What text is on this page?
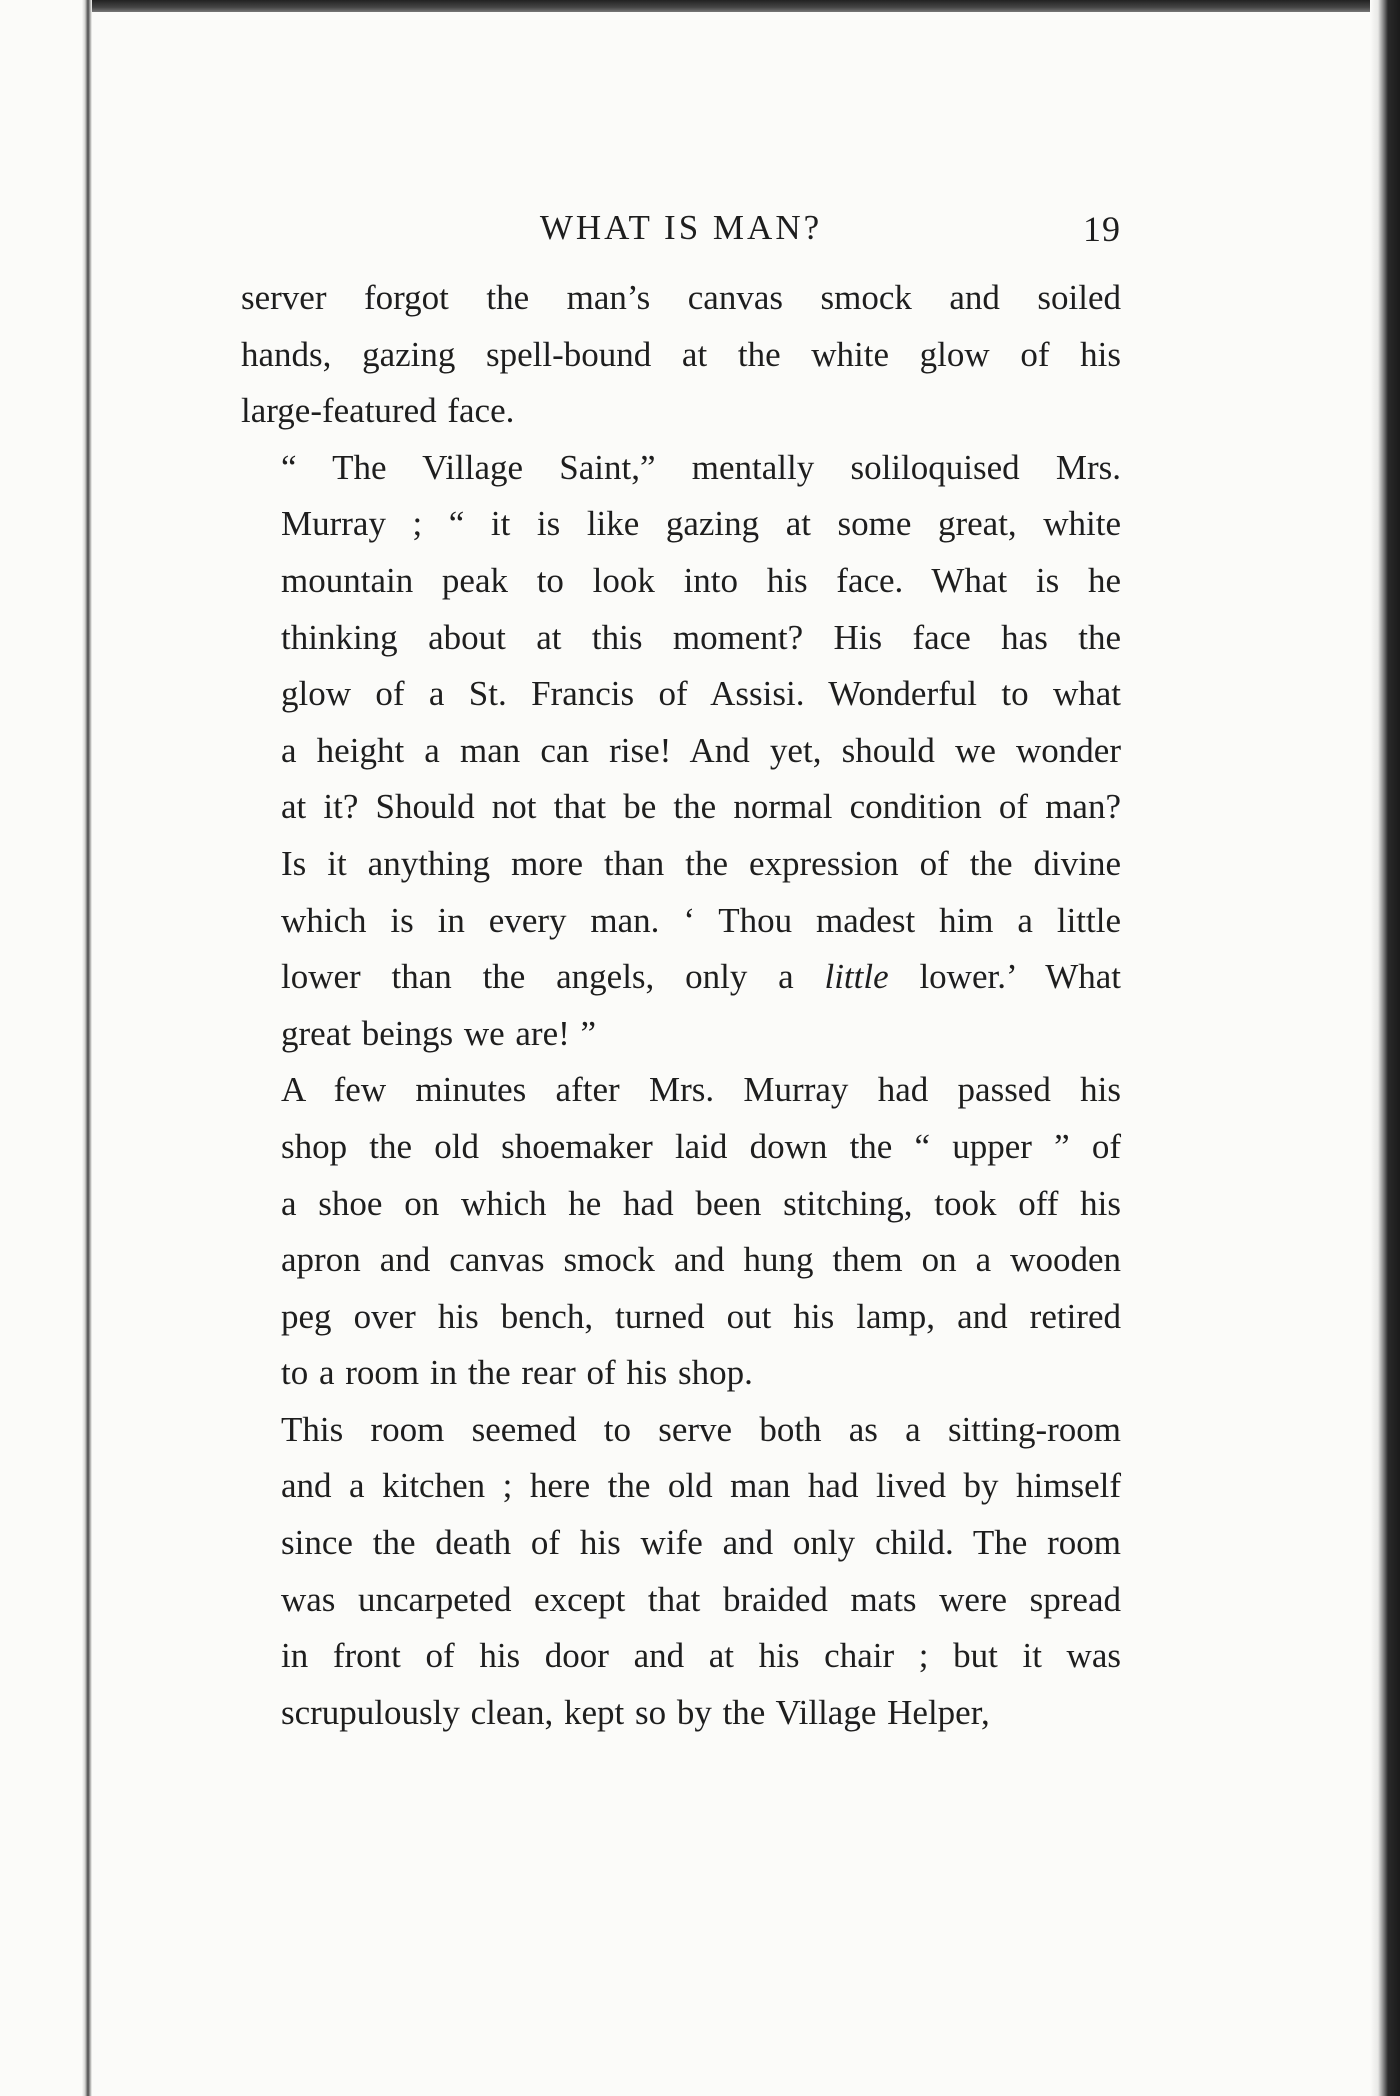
WHAT IS MAN?	19

server forgot the man’s canvas smock and soiled
hands, gazing spell-bound at the white glow of his
large-featured face.

“ The Village Saint,” mentally soliloquised Mrs.
Murray ; “ it is like gazing at some great, white
mountain peak to look into his face. What is he
thinking about at this moment? His face has the
glow of a St. Francis of Assisi. Wonderful to what
a height a man can rise! And yet, should we wonder
at it? Should not that be the normal condition of man?
Is it anything more than the expression of the divine
which is in every man. ‘ Thou madest him a little
lower than the angels, only a little lower.’ What
great beings we are! ”

A few minutes after Mrs. Murray had passed his
shop the old shoemaker laid down the “ upper ” of
a shoe on which he had been stitching, took off his
apron and canvas smock and hung them on a wooden
peg over his bench, turned out his lamp, and retired
to a room in the rear of his shop.

This room seemed to serve both as a sitting-room
and a kitchen ; here the old man had lived by himself
since the death of his wife and only child. The room
was uncarpeted except that braided mats were spread
in front of his door and at his chair ; but it was
scrupulously clean, kept so by the Village Helper,
